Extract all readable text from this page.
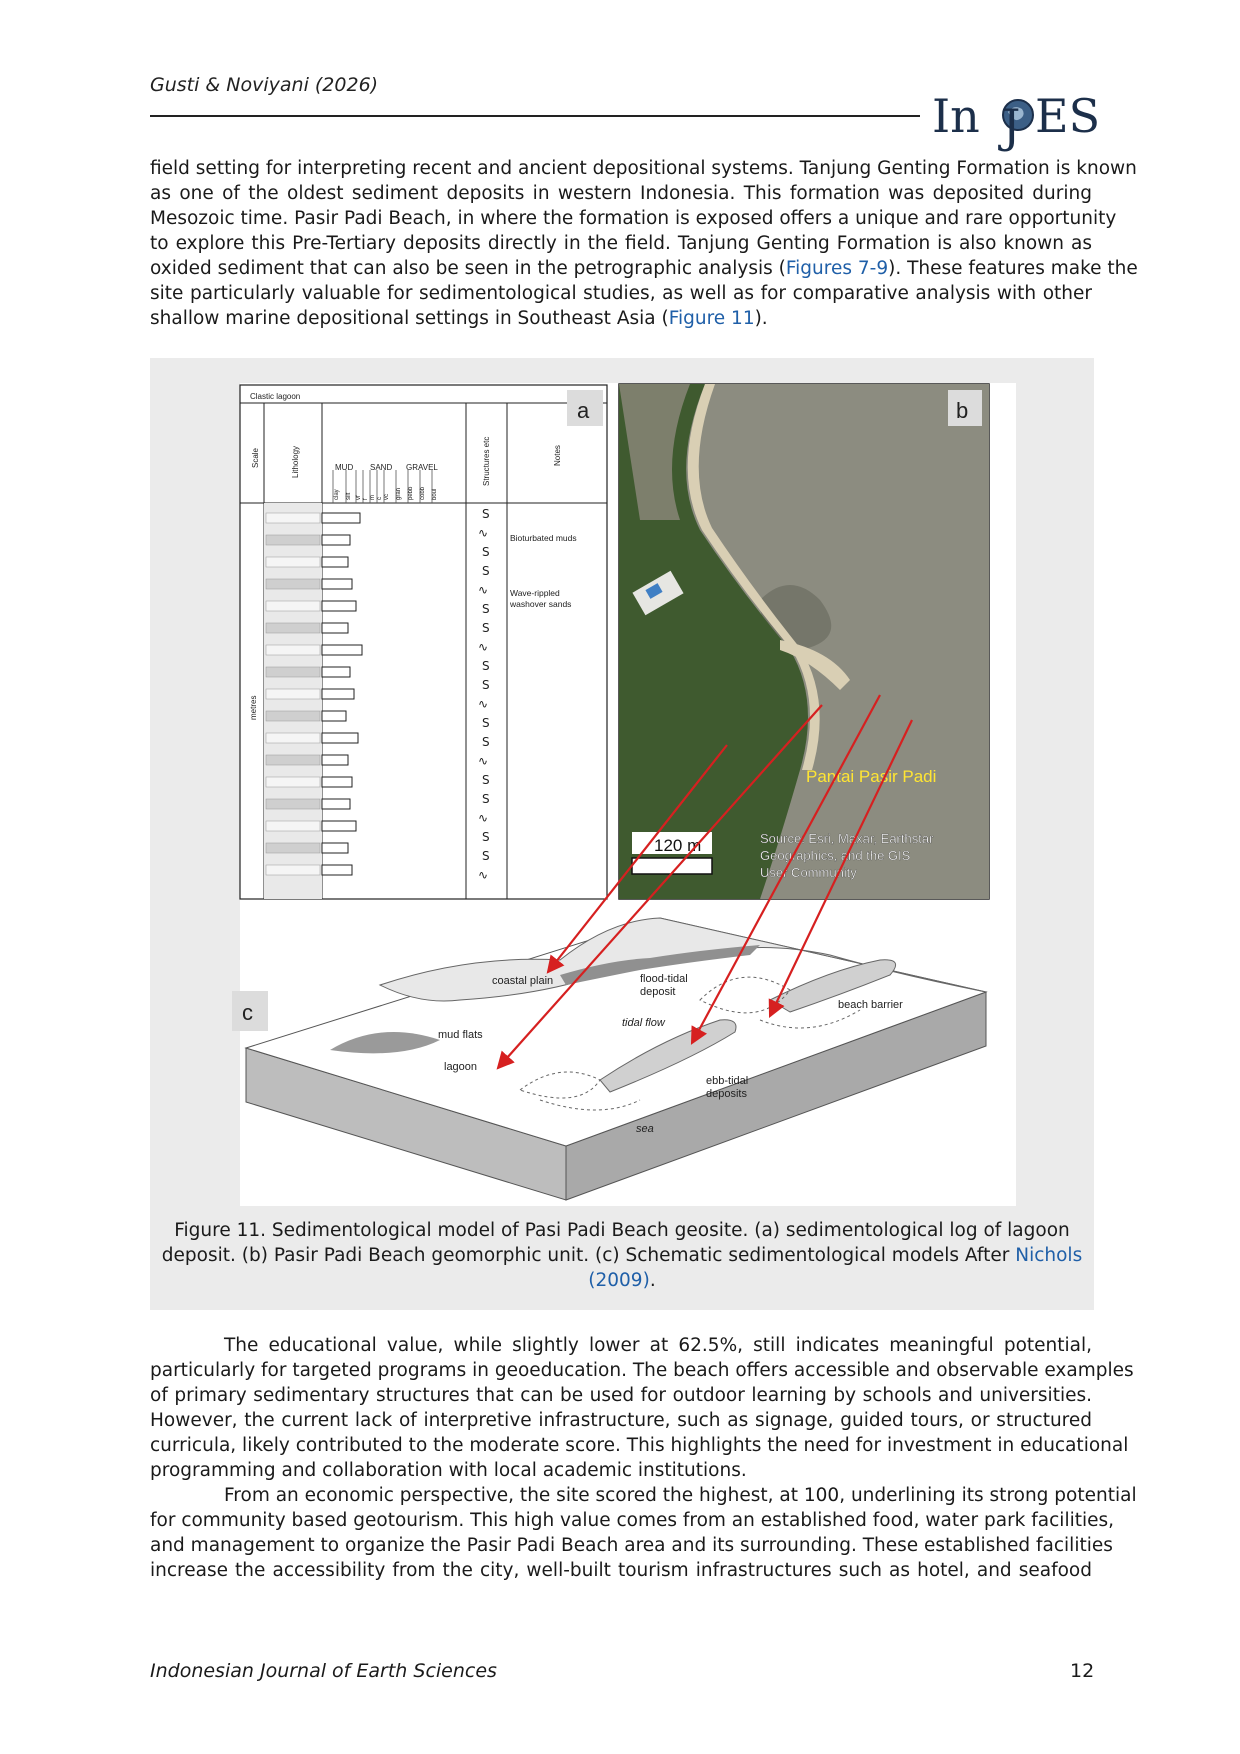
Gusti & Noviyani (2026)
In J ES
field setting for interpreting recent and ancient depositional systems. Tanjung Genting Formation is known
as one of the oldest sediment deposits in western Indonesia. This formation was deposited during
Mesozoic time. Pasir Padi Beach, in where the formation is exposed offers a unique and rare opportunity
to explore this Pre-Tertiary deposits directly in the field. Tanjung Genting Formation is also known as
oxided sediment that can also be seen in the petrographic analysis (Figures 7-9). These features make the
site particularly valuable for sedimentological studies, as well as for comparative analysis with other
shallow marine depositional settings in Southeast Asia (Figure 11).
Clastic lagoon
Scale	Lithology	MUD SAND GRAVEL
clay silt vf f m c vc gran pebb cobb boul
Structures etc	Notes
metres
S
∿
S
S
∿
S
S
∿
S
S
∿
S
S
∿
S
S
∿
S
S
∿
Bioturbated muds
Wave-rippled
washover sands
a
Pantai Pasir Padi
120 m	Source: Esri, Maxar, Earthstar
Geographics, and the GIS
User Community
b
coastal plain	flood-tidal
deposit
beach barrier
tidal flow
mud flats
lagoon
ebb-tidal
deposits
sea
c
Figure 11. Sedimentological model of Pasi Padi Beach geosite. (a) sedimentological log of lagoon
deposit. (b) Pasir Padi Beach geomorphic unit. (c) Schematic sedimentological models After Nichols
(2009).
The educational value, while slightly lower at 62.5%, still indicates meaningful potential,
particularly for targeted programs in geoeducation. The beach offers accessible and observable examples
of primary sedimentary structures that can be used for outdoor learning by schools and universities.
However, the current lack of interpretive infrastructure, such as signage, guided tours, or structured
curricula, likely contributed to the moderate score. This highlights the need for investment in educational
programming and collaboration with local academic institutions.
From an economic perspective, the site scored the highest, at 100, underlining its strong potential
for community based geotourism. This high value comes from an established food, water park facilities,
and management to organize the Pasir Padi Beach area and its surrounding. These established facilities
increase the accessibility from the city, well-built tourism infrastructures such as hotel, and seafood
Indonesian Journal of Earth Sciences	12
